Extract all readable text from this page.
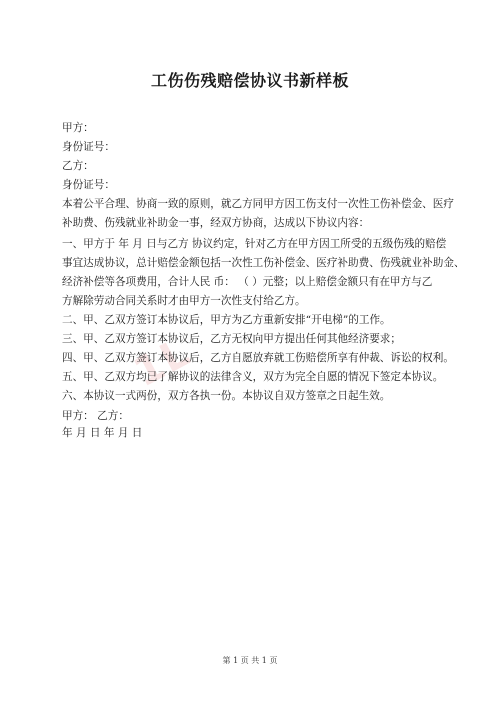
1L
工伤伤残赔偿协议书新样板
甲方：
身份证号：
乙方：
身份证号：
本着公平合理、协商一致的原则，就乙方同甲方因工伤支付一次性工伤补偿金、医疗
补助费、伤残就业补助金一事，经双方协商，达成以下协议内容：
一、甲方于 年 月 日与乙方 协议约定，针对乙方在甲方因工所受的五级伤残的赔偿
事宜达成协议，总计赔偿金额包括一次性工伤补偿金、医疗补助费、伤残就业补助金、
经济补偿等各项费用，合计人民 币： （ ）元整；以上赔偿金额只有在甲方与乙
方解除劳动合同关系时才由甲方一次性支付给乙方。
二、甲、乙双方签订本协议后，甲方为乙方重新安排“开电梯”的工作。
三、甲、乙双方签订本协议后，乙方无权向甲方提出任何其他经济要求；
四、甲、乙双方签订本协议后，乙方自愿放弃就工伤赔偿所享有仲裁、诉讼的权利。
五、甲、乙双方均已了解协议的法律含义，双方为完全自愿的情况下签定本协议。
六、本协议一式两份，双方各执一份。本协议自双方签章之日起生效。
甲方： 乙方：
年 月 日 年 月 日
第 1 页 共 1 页
